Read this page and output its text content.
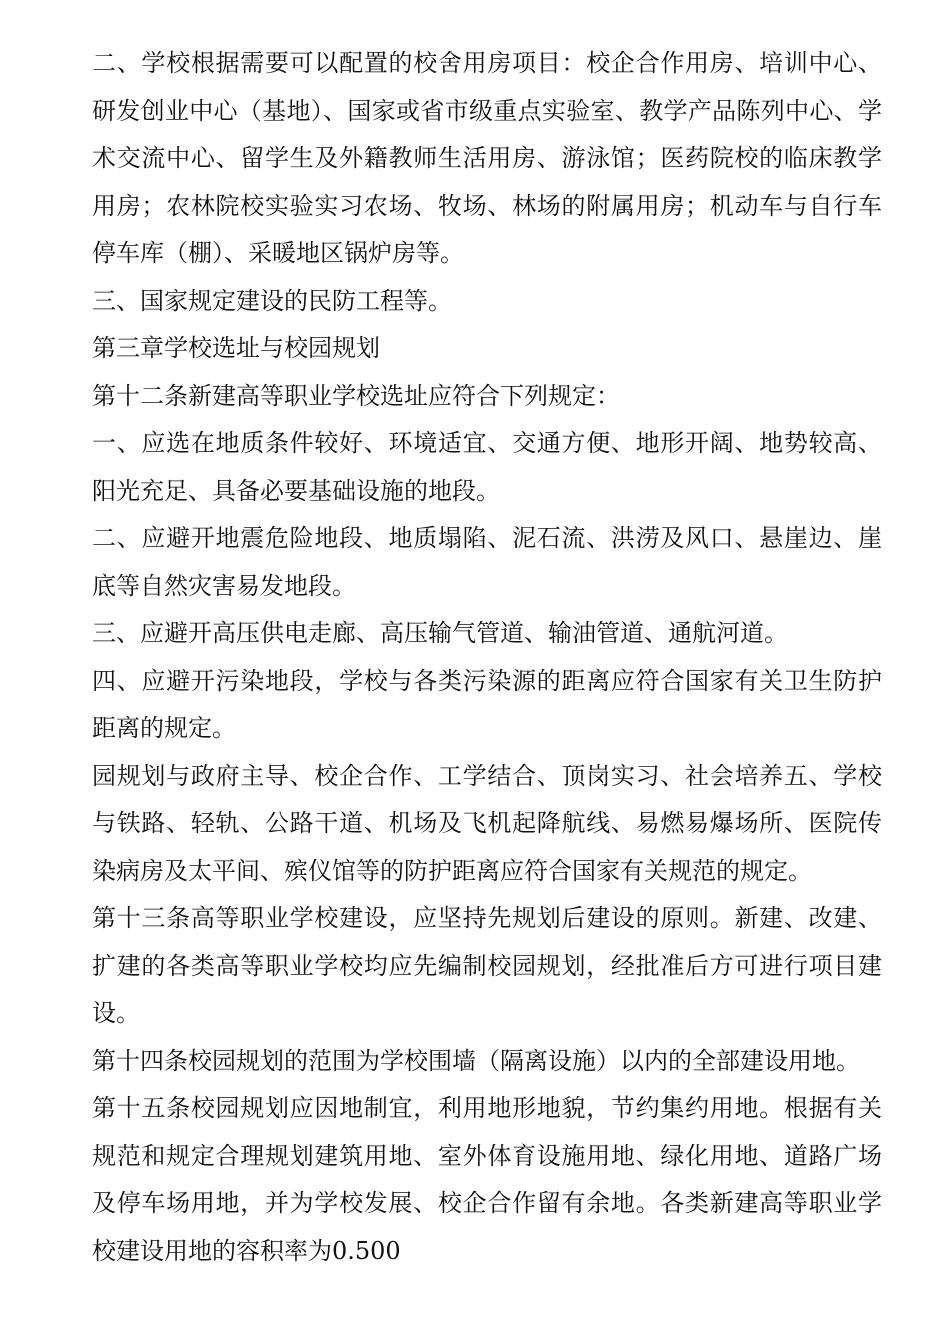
二、学校根据需要可以配置的校舍用房项目：校企合作用房、培训中心、研发创业中心（基地）、国家或省市级重点实验室、教学产品陈列中心、学术交流中心、留学生及外籍教师生活用房、游泳馆；医药院校的临床教学用房；农林院校实验实习农场、牧场、林场的附属用房；机动车与自行车停车库（棚）、采暖地区锅炉房等。

三、国家规定建设的民防工程等。

第三章学校选址与校园规划

第十二条新建高等职业学校选址应符合下列规定：

一、应选在地质条件较好、环境适宜、交通方便、地形开阔、地势较高、阳光充足、具备必要基础设施的地段。

二、应避开地震危险地段、地质塌陷、泥石流、洪涝及风口、悬崖边、崖底等自然灾害易发地段。

三、应避开高压供电走廊、高压输气管道、输油管道、通航河道。

四、应避开污染地段，学校与各类污染源的距离应符合国家有关卫生防护距离的规定。

园规划与政府主导、校企合作、工学结合、顶岗实习、社会培养五、学校与铁路、轻轨、公路干道、机场及飞机起降航线、易燃易爆场所、医院传染病房及太平间、殡仪馆等的防护距离应符合国家有关规范的规定。

第十三条高等职业学校建设，应坚持先规划后建设的原则。新建、改建、扩建的各类高等职业学校均应先编制校园规划，经批准后方可进行项目建设。

第十四条校园规划的范围为学校围墙（隔离设施）以内的全部建设用地。

第十五条校园规划应因地制宜，利用地形地貌，节约集约用地。根据有关规范和规定合理规划建筑用地、室外体育设施用地、绿化用地、道路广场及停车场用地，并为学校发展、校企合作留有余地。各类新建高等职业学校建设用地的容积率为0.500
